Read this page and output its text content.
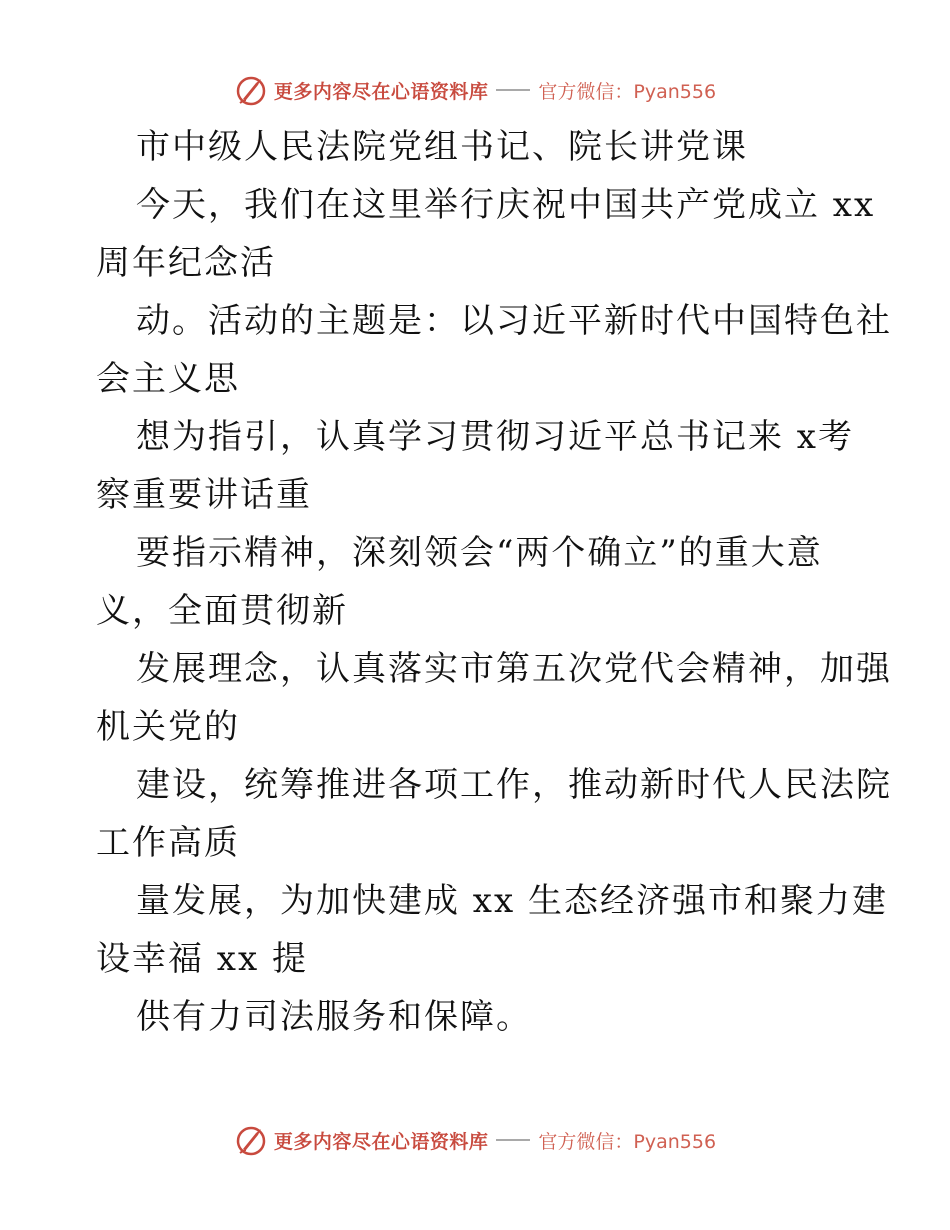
更多内容尽在心语资料库	官方微信：Pyan556
市中级人民法院党组书记、院长讲党课
今天，我们在这里举行庆祝中国共产党成立 xx
周年纪念活
动。活动的主题是：以习近平新时代中国特色社
会主义思
想为指引，认真学习贯彻习近平总书记来 x考
察重要讲话重
要指示精神，深刻领会“两个确立”的重大意
义，全面贯彻新
发展理念，认真落实市第五次党代会精神，加强
机关党的
建设，统筹推进各项工作，推动新时代人民法院
工作高质
量发展，为加快建成 xx 生态经济强市和聚力建
设幸福 xx 提
供有力司法服务和保障。
更多内容尽在心语资料库	官方微信：Pyan556
